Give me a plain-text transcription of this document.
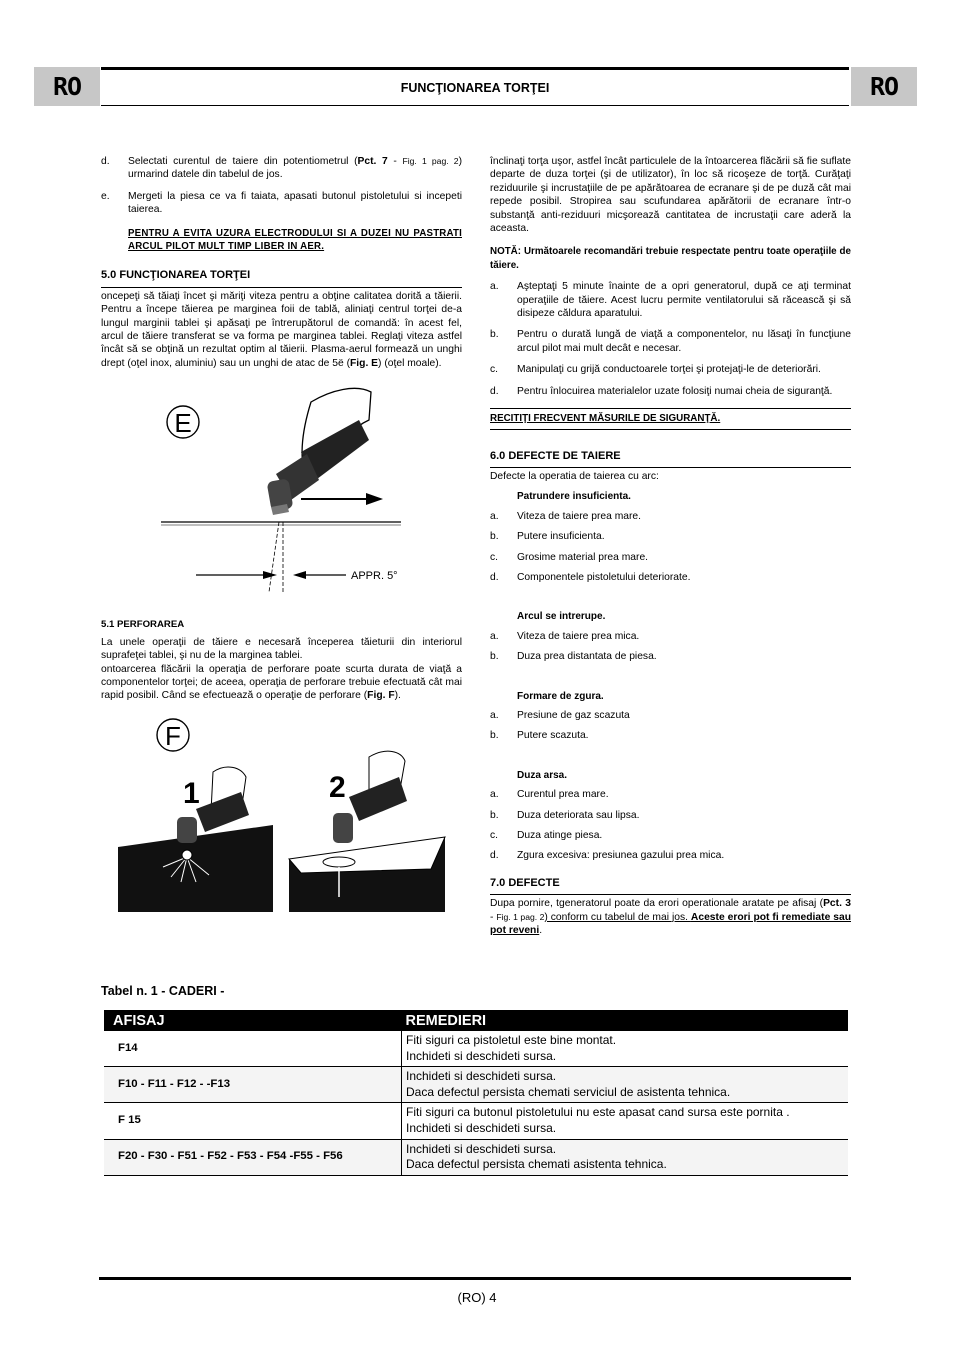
RO	FUNCŢIONAREA TORŢEI	RO
d.	Selectati curentul de taiere din potentiometrul (Pct. 7 - Fig. 1 pag. 2) urmarind datele din tabelul de jos.
e.	Mergeti la piesa ce va fi taiata, apasati butonul pistoletului si incepeti taierea.
PENTRU A EVITA UZURA ELECTRODULUI SI A DUZEI NU PASTRATI ARCUL PILOT MULT TIMP LIBER IN AER.
5.0 FUNCŢIONAREA TORŢEI
oncepeţi să tăiaţi încet şi măriţi viteza pentru a obţine calitatea dorită a tăierii. Pentru a începe tăierea pe marginea foii de tablă, aliniaţi centrul torţei de-a lungul marginii tablei şi apăsaţi pe întrerupătorul de comandă: în acest fel, arcul de tăiere transferat se va forma pe marginea tablei. Reglaţi viteza astfel încât să se obţină un rezultat optim al tăierii. Plasma-aerul formează un unghi drept (oţel inox, aluminiu) sau un unghi de atac de 5ë (Fig. E) (oţel moale).
E
APPR. 5°
5.1 PERFORAREA
La unele operaţii de tăiere e necesară începerea tăieturii din interiorul suprafeţei tablei, şi nu de la marginea tablei.
ontoarcerea flăcării la operaţia de perforare poate scurta durata de viaţă a componentelor torţei; de aceea, operaţia de perforare trebuie efectuată cât mai rapid posibil. Când se efectuează o operaţie de perforare (Fig. F).
F
1	2
înclinaţi torţa uşor, astfel încât particulele de la întoarcerea flăcării să fie suflate departe de duza torţei (şi de utilizator), în loc să ricoşeze de torţă. Curăţaţi reziduurile şi incrustaţiile de pe apărătoarea de ecranare şi de pe duză cât mai repede posibil. Stropirea sau scufundarea apărătorii de ecranare într-o substanţă anti-reziduuri micşorează cantitatea de incrustaţii care aderă la aceasta.
NOTĂ: Următoarele recomandări trebuie respectate pentru toate operaţiile de tăiere.
a.	Aşteptaţi 5 minute înainte de a opri generatorul, după ce aţi terminat operaţiile de tăiere. Acest lucru permite ventilatorului să răcească şi să disipeze căldura aparatului.
b.	Pentru o durată lungă de viaţă a componentelor, nu lăsaţi în funcţiune arcul pilot mai mult decât e necesar.
c.	Manipulaţi cu grijă conductoarele torţei şi protejaţi-le de deteriorări.
d.	Pentru înlocuirea materialelor uzate folosiţi numai cheia de siguranţă.
RECITIŢI FRECVENT MĂSURILE DE SIGURANŢĂ.
6.0 DEFECTE DE TAIERE
Defecte la operatia de taierea cu arc:
Patrundere insuficienta.
a.	Viteza de taiere prea mare.
b.	Putere insuficienta.
c.	Grosime material prea mare.
d.	Componentele pistoletului deteriorate.
Arcul se intrerupe.
a.	Viteza de taiere prea mica.
b.	Duza prea distantata de piesa.
Formare de zgura.
a.	Presiune de gaz scazuta
b.	Putere scazuta.
Duza arsa.
a.	Curentul prea mare.
b.	Duza deteriorata sau lipsa.
c.	Duza atinge piesa.
d.	Zgura excesiva: presiunea gazului prea mica.
7.0 DEFECTE
Dupa pornire, tgeneratorul poate da erori operationale aratate pe afisaj (Pct. 3 - Fig. 1 pag. 2) conform cu tabelul de mai jos. Aceste erori pot fi remediate sau pot reveni.
Tabel n. 1 - CADERI -
AFISAJ	REMEDIERI
F14	Fiti siguri ca pistoletul este bine montat.
Inchideti si deschideti sursa.

F10 - F11 - F12 - -F13	Inchideti si deschideti sursa.
Daca defectul persista chemati serviciul de asistenta tehnica.

F 15	Fiti siguri ca butonul pistoletului nu este apasat cand sursa este pornita .
Inchideti si deschideti sursa.

F20 - F30 - F51 - F52 - F53 - F54 -F55 - F56	Inchideti si deschideti sursa.
Daca defectul persista chemati asistenta tehnica.
(RO) 4
